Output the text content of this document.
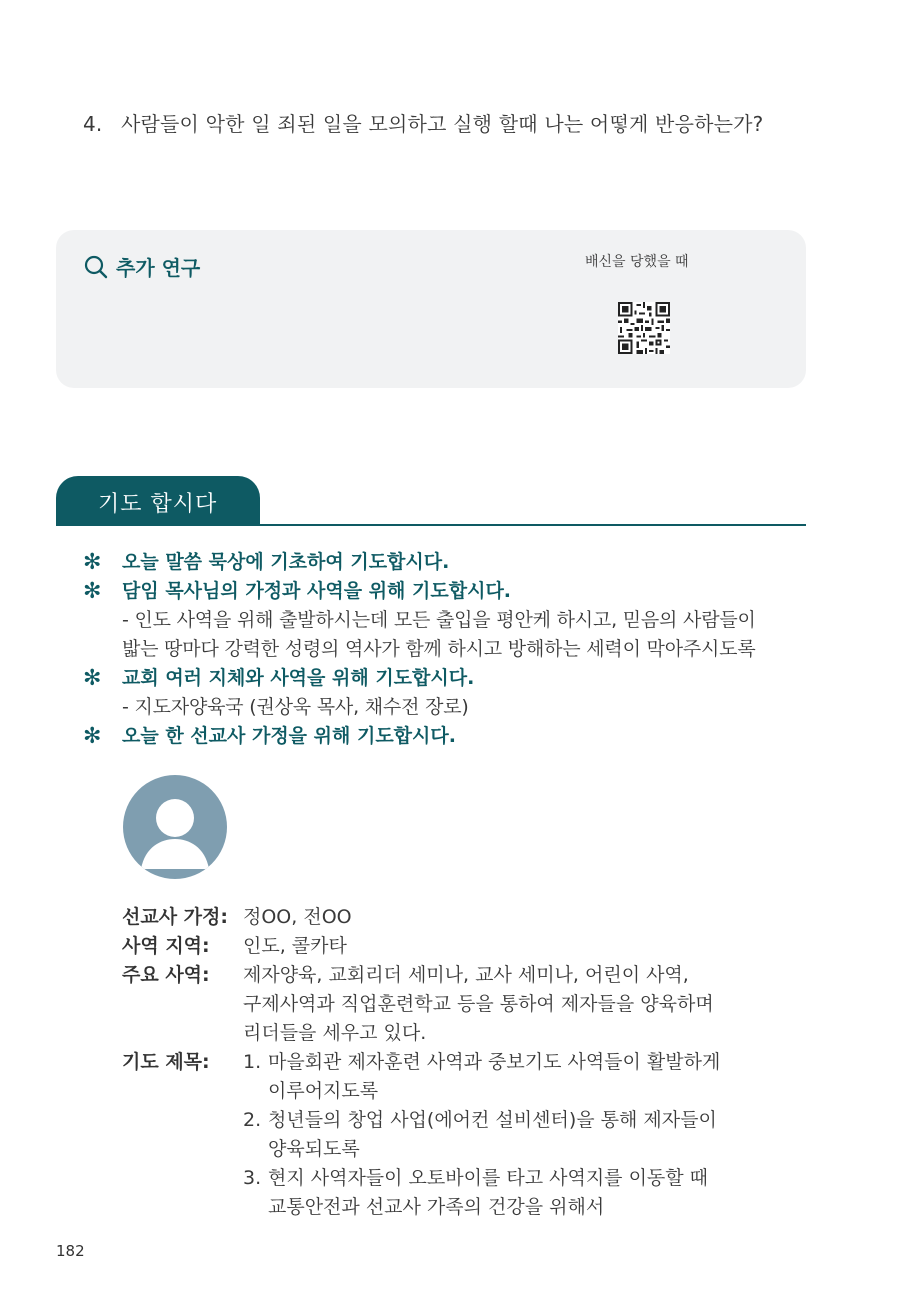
4. 사람들이 악한 일 죄된 일을 모의하고 실행 할때 나는 어떻게 반응하는가?
추가 연구	배신을 당했을 때
기도 합시다
✻ 오늘 말씀 묵상에 기초하여 기도합시다.
✻ 담임 목사님의 가정과 사역을 위해 기도합시다.
- 인도 사역을 위해 출발하시는데 모든 출입을 평안케 하시고, 믿음의 사람들이
밟는 땅마다 강력한 성령의 역사가 함께 하시고 방해하는 세력이 막아주시도록
✻ 교회 여러 지체와 사역을 위해 기도합시다.
- 지도자양육국 (권상욱 목사, 채수전 장로)
✻ 오늘 한 선교사 가정을 위해 기도합시다.
선교사 가정: 정OO, 전OO
사역 지역:	인도, 콜카타
주요 사역:	제자양육, 교회리더 세미나, 교사 세미나, 어린이 사역,
구제사역과 직업훈련학교 등을 통하여 제자들을 양육하며
리더들을 세우고 있다.
기도 제목:	1. 마을회관 제자훈련 사역과 중보기도 사역들이 활발하게
이루어지도록
2. 청년들의 창업 사업(에어컨 설비센터)을 통해 제자들이
양육되도록
3. 현지 사역자들이 오토바이를 타고 사역지를 이동할 때
교통안전과 선교사 가족의 건강을 위해서
182
